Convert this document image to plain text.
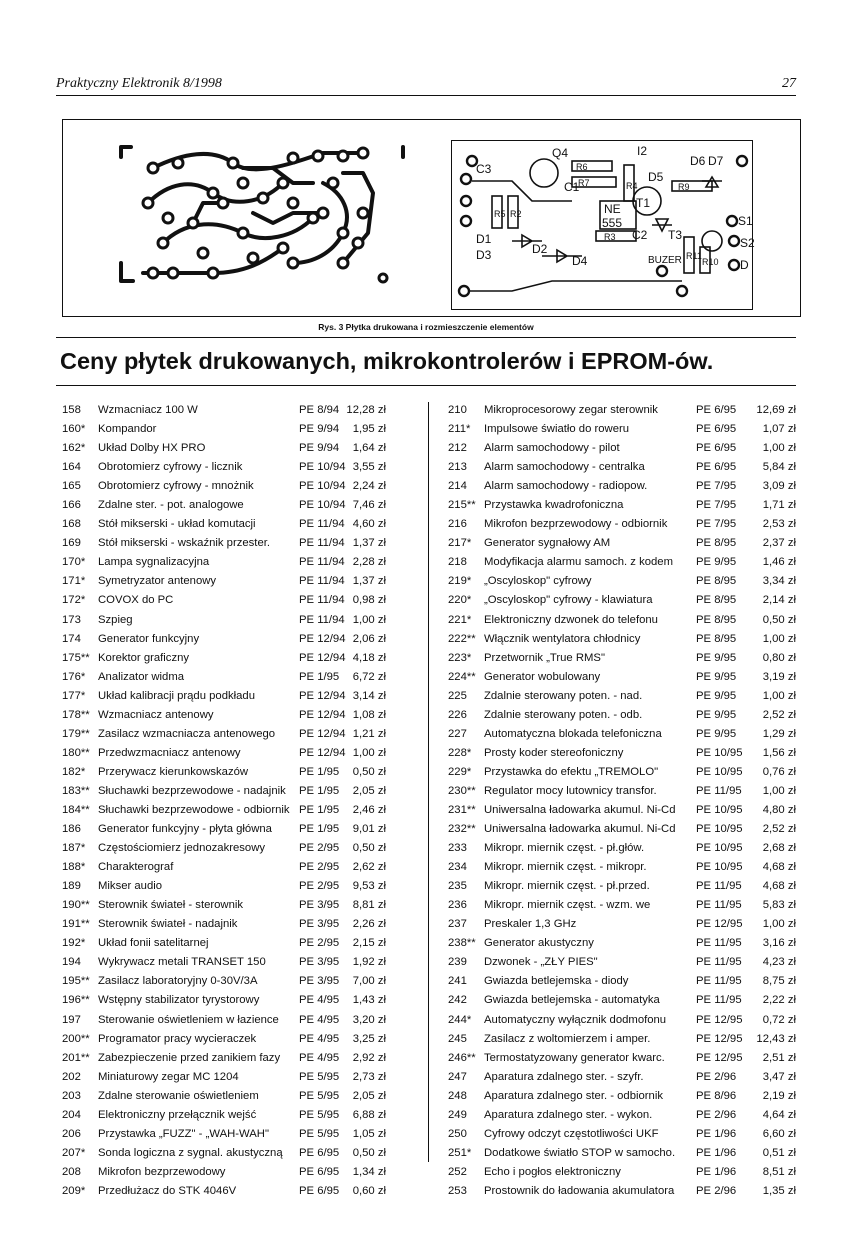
Praktyczny Elektronik 8/1998	27
Q4	I2
D6 D7
R6
R7	R9
C3
C1	R4
D5
R5 R2
T1
NE
555
C2
R3	T3
S1
S2
D1
D2
D4
D3	BUZER R11
R10 D
Rys. 3 Płytka drukowana i rozmieszczenie elementów
Ceny płytek drukowanych, mikrokontrolerów i EPROM-ów.
158 Wzmacniacz 100 W	PE 8/94 12,28 zł
160* Kompandor	PE 9/94 1,95 zł
162* Układ Dolby HX PRO	PE 9/94 1,64 zł
164 Obrotomierz cyfrowy - licznik	PE 10/94 3,55 zł
165 Obrotomierz cyfrowy - mnożnik	PE 10/94 2,24 zł
166 Zdalne ster. - pot. analogowe	PE 10/94 7,46 zł
168 Stół mikserski - układ komutacji	PE 11/94 4,60 zł
169 Stół mikserski - wskaźnik przester.	PE 11/94 1,37 zł
170* Lampa sygnalizacyjna	PE 11/94 2,28 zł
171* Symetryzator antenowy	PE 11/94 1,37 zł
172* COVOX do PC	PE 11/94 0,98 zł
173 Szpieg	PE 11/94 1,00 zł
174 Generator funkcyjny	PE 12/94 2,06 zł
175** Korektor graficzny	PE 12/94 4,18 zł
176* Analizator widma	PE 1/95 6,72 zł
177* Układ kalibracji prądu podkładu	PE 12/94 3,14 zł
178** Wzmacniacz antenowy	PE 12/94 1,08 zł
179** Zasilacz wzmacniacza antenowego PE 12/94 1,21 zł
180** Przedwzmacniacz antenowy	PE 12/94 1,00 zł
182* Przerywacz kierunkowskazów	PE 1/95 0,50 zł
183** Słuchawki bezprzewodowe - nadajnik PE 1/95 2,05 zł
184** Słuchawki bezprzewodowe - odbiornik PE 1/95 2,46 zł
186 Generator funkcyjny - płyta główna PE 1/95 9,01 zł
187* Częstościomierz jednozakresowy	PE 2/95 0,50 zł
188* Charakterograf	PE 2/95 2,62 zł
189 Mikser audio	PE 2/95 9,53 zł
190** Sterownik świateł - sterownik	PE 3/95 8,81 zł
191** Sterownik świateł - nadajnik	PE 3/95 2,26 zł
192* Układ fonii satelitarnej	PE 2/95 2,15 zł
194 Wykrywacz metali TRANSET 150	PE 3/95 1,92 zł
195** Zasilacz laboratoryjny 0-30V/3A	PE 3/95 7,00 zł
196** Wstępny stabilizator tyrystorowy	PE 4/95 1,43 zł
197 Sterowanie oświetleniem w łazience PE 4/95 3,20 zł
200** Programator pracy wycieraczek	PE 4/95 3,25 zł
201** Zabezpieczenie przed zanikiem fazy PE 4/95 2,92 zł
202 Miniaturowy zegar MC 1204	PE 5/95 2,73 zł
203 Zdalne sterowanie oświetleniem	PE 5/95 2,05 zł
204 Elektroniczny przełącznik wejść	PE 5/95 6,88 zł
206 Przystawka „FUZZ" - „WAH-WAH"	PE 5/95 1,05 zł
207* Sonda logiczna z sygnal. akustyczną PE 6/95 0,50 zł
208 Mikrofon bezprzewodowy	PE 6/95 1,34 zł
209* Przedłużacz do STK 4046V	PE 6/95 0,60 zł
210 Mikroprocesorowy zegar sterownik	PE 6/95 12,69 zł
211* Impulsowe światło do roweru	PE 6/95 1,07 zł
212 Alarm samochodowy - pilot	PE 6/95 1,00 zł
213 Alarm samochodowy - centralka	PE 6/95 5,84 zł
214 Alarm samochodowy - radiopow.	PE 7/95 3,09 zł
215** Przystawka kwadrofoniczna	PE 7/95 1,71 zł
216 Mikrofon bezprzewodowy - odbiornik	PE 7/95 2,53 zł
217* Generator sygnałowy AM	PE 8/95 2,37 zł
218 Modyfikacja alarmu samoch. z kodem PE 9/95 1,46 zł
219* „Oscyloskop" cyfrowy	PE 8/95 3,34 zł
220* „Oscyloskop" cyfrowy - klawiatura	PE 8/95 2,14 zł
221* Elektroniczny dzwonek do telefonu	PE 8/95 0,50 zł
222** Włącznik wentylatora chłodnicy	PE 8/95 1,00 zł
223* Przetwornik „True RMS"	PE 9/95 0,80 zł
224** Generator wobulowany	PE 9/95 3,19 zł
225 Zdalnie sterowany poten. - nad.	PE 9/95 1,00 zł
226 Zdalnie sterowany poten. - odb.	PE 9/95 2,52 zł
227 Automatyczna blokada telefoniczna	PE 9/95 1,29 zł
228* Prosty koder stereofoniczny	PE 10/95 1,56 zł
229* Przystawka do efektu „TREMOLO"	PE 10/95 0,76 zł
230** Regulator mocy lutownicy transfor.	PE 11/95 1,00 zł
231** Uniwersalna ładowarka akumul. Ni-Cd PE 10/95 4,80 zł
232** Uniwersalna ładowarka akumul. Ni-Cd PE 10/95 2,52 zł
233 Mikropr. miernik częst. - pł.głów.	PE 10/95 2,68 zł
234 Mikropr. miernik częst. - mikropr.	PE 10/95 4,68 zł
235 Mikropr. miernik częst. - pł.przed.	PE 11/95 4,68 zł
236 Mikropr. miernik częst. - wzm. we	PE 11/95 5,83 zł
237 Preskaler 1,3 GHz	PE 12/95 1,00 zł
238** Generator akustyczny	PE 11/95 3,16 zł
239 Dzwonek - „ZŁY PIES"	PE 11/95 4,23 zł
241 Gwiazda betlejemska - diody	PE 11/95 8,75 zł
242 Gwiazda betlejemska - automatyka	PE 11/95 2,22 zł
244* Automatyczny wyłącznik dodmofonu	PE 12/95 0,72 zł
245 Zasilacz z woltomierzem i amper.	PE 12/95 12,43 zł
246** Termostatyzowany generator kwarc.	PE 12/95 2,51 zł
247 Aparatura zdalnego ster. - szyfr.	PE 2/96 3,47 zł
248 Aparatura zdalnego ster. - odbiornik	PE 8/96 2,19 zł
249 Aparatura zdalnego ster. - wykon.	PE 2/96 4,64 zł
250 Cyfrowy odczyt częstotliwości UKF	PE 1/96 6,60 zł
251* Dodatkowe światło STOP w samocho. PE 1/96 0,51 zł
252 Echo i pogłos elektroniczny	PE 1/96 8,51 zł
253 Prostownik do ładowania akumulatora PE 2/96 1,35 zł
